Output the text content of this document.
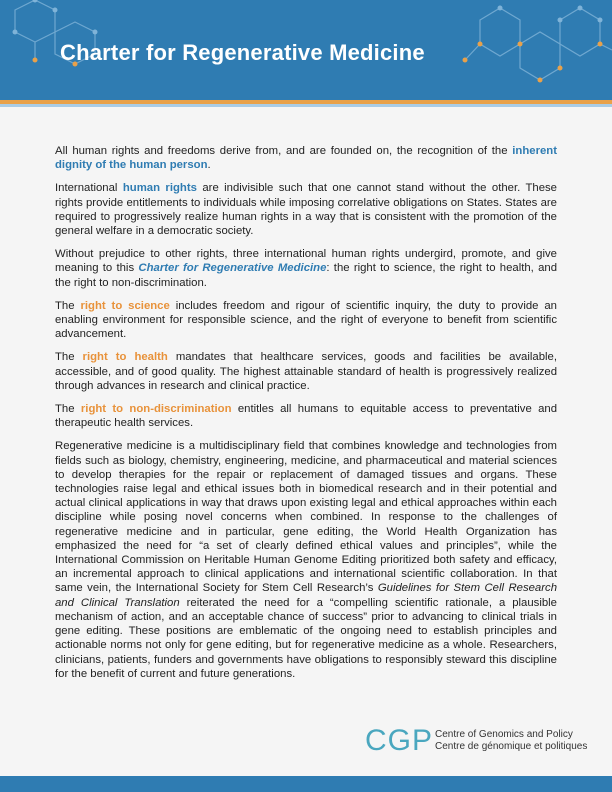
Charter for Regenerative Medicine

All human rights and freedoms derive from, and are founded on, the recognition of the inherent dignity of the human person.

International human rights are indivisible such that one cannot stand without the other. These rights provide entitlements to individuals while imposing correlative obligations on States. States are required to progressively realize human rights in a way that is consistent with the promotion of the general welfare in a democratic society.

Without prejudice to other rights, three international human rights undergird, promote, and give meaning to this Charter for Regenerative Medicine: the right to science, the right to health, and the right to non-discrimination.

The right to science includes freedom and rigour of scientific inquiry, the duty to provide an enabling environment for responsible science, and the right of everyone to benefit from scientific advancement.

The right to health mandates that healthcare services, goods and facilities be available, accessible, and of good quality. The highest attainable standard of health is progressively realized through advances in research and clinical practice.

The right to non-discrimination entitles all humans to equitable access to preventative and therapeutic health services.

Regenerative medicine is a multidisciplinary field that combines knowledge and technologies from fields such as biology, chemistry, engineering, medicine, and pharmaceutical and material sciences to develop therapies for the repair or replacement of damaged tissues and organs. These technologies raise legal and ethical issues both in biomedical research and in their potential and actual clinical applications in way that draws upon existing legal and ethical approaches within each discipline while posing novel concerns when combined. In response to the challenges of regenerative medicine and in particular, gene editing, the World Health Organization has emphasized the need for “a set of clearly defined ethical values and principles”, while the International Commission on Heritable Human Genome Editing prioritized both safety and efficacy, an incremental approach to clinical applications and international scientific collaboration. In that same vein, the International Society for Stem Cell Research’s Guidelines for Stem Cell Research and Clinical Translation reiterated the need for a “compelling scientific rationale, a plausible mechanism of action, and an acceptable chance of success” prior to advancing to clinical trials in gene editing. These positions are emblematic of the ongoing need to establish principles and actionable norms not only for gene editing, but for regenerative medicine as a whole. Researchers, clinicians, patients, funders and governments have obligations to responsibly steward this discipline for the benefit of current and future generations.

CGP Centre of Genomics and Policy
Centre de génomique et politiques
